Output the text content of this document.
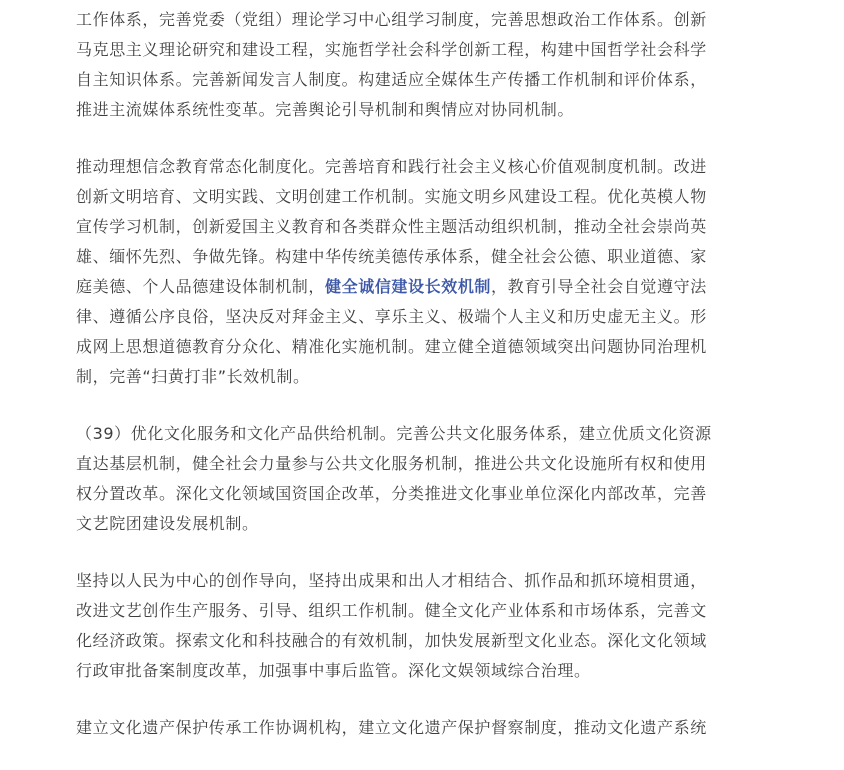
工作体系，完善党委（党组）理论学习中心组学习制度，完善思想政治工作体系。创新
马克思主义理论研究和建设工程，实施哲学社会科学创新工程，构建中国哲学社会科学
自主知识体系。完善新闻发言人制度。构建适应全媒体生产传播工作机制和评价体系，
推进主流媒体系统性变革。完善舆论引导机制和舆情应对协同机制。
推动理想信念教育常态化制度化。完善培育和践行社会主义核心价值观制度机制。改进
创新文明培育、文明实践、文明创建工作机制。实施文明乡风建设工程。优化英模人物
宣传学习机制，创新爱国主义教育和各类群众性主题活动组织机制，推动全社会崇尚英
雄、缅怀先烈、争做先锋。构建中华传统美德传承体系，健全社会公德、职业道德、家
庭美德、个人品德建设体制机制，健全诚信建设长效机制，教育引导全社会自觉遵守法
律、遵循公序良俗，坚决反对拜金主义、享乐主义、极端个人主义和历史虚无主义。形
成网上思想道德教育分众化、精准化实施机制。建立健全道德领域突出问题协同治理机
制，完善“扫黄打非”长效机制。
（39）优化文化服务和文化产品供给机制。完善公共文化服务体系，建立优质文化资源
直达基层机制，健全社会力量参与公共文化服务机制，推进公共文化设施所有权和使用
权分置改革。深化文化领域国资国企改革，分类推进文化事业单位深化内部改革，完善
文艺院团建设发展机制。
坚持以人民为中心的创作导向，坚持出成果和出人才相结合、抓作品和抓环境相贯通，
改进文艺创作生产服务、引导、组织工作机制。健全文化产业体系和市场体系，完善文
化经济政策。探索文化和科技融合的有效机制，加快发展新型文化业态。深化文化领域
行政审批备案制度改革，加强事中事后监管。深化文娱领域综合治理。
建立文化遗产保护传承工作协调机构，建立文化遗产保护督察制度，推动文化遗产系统
